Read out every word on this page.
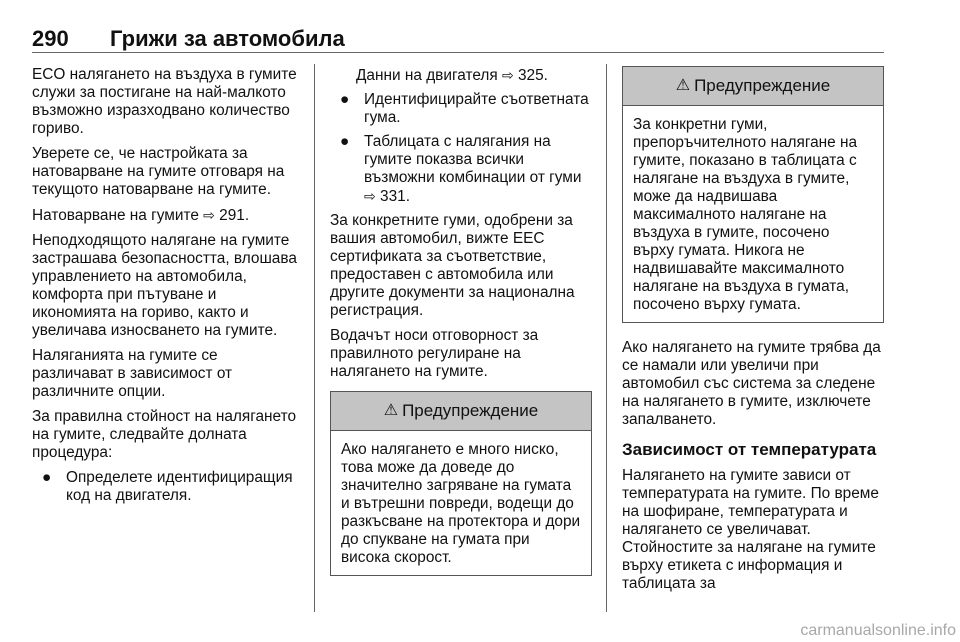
290 Грижи за автомобила

ECO налягането на въздуха в гумите служи за постигане на най-малкото възможно изразходвано количество гориво.

Уверете се, че настройката за натоварване на гумите отговаря на текущото натоварване на гумите.

Натоварване на гумите ⇨ 291.

Неподходящото налягане на гумите застрашава безопасността, влошава управлението на автомобила, комфорта при пътуване и икономията на гориво, както и увеличава износването на гумите.

Наляганията на гумите се различават в зависимост от различните опции.

За правилна стойност на налягането на гумите, следвайте долната процедура:

● Определете идентифициращия код на двигателя.
Данни на двигателя ⇨ 325.
● Идентифицирайте съответната гума.
● Таблицата с налягания на гумите показва всички възможни комбинации от гуми ⇨ 331.

За конкретните гуми, одобрени за вашия автомобил, вижте EEC сертификата за съответствие, предоставен с автомобила или другите документи за национална регистрация.

Водачът носи отговорност за правилното регулиране на налягането на гумите.

⚠ Предупреждение
Ако налягането е много ниско, това може да доведе до значително загряване на гумата и вътрешни повреди, водещи до разкъсване на протектора и дори до спукване на гумата при висока скорост.
⚠ Предупреждение
За конкретни гуми, препоръчителното налягане на гумите, показано в таблицата с налягане на въздуха в гумите, може да надвишава максималното налягане на въздуха в гумите, посочено върху гумата. Никога не надвишавайте максималното налягане на въздуха в гумата, посочено върху гумата.

Ако налягането на гумите трябва да се намали или увеличи при автомобил със система за следене на налягането в гумите, изключете запалването.

Зависимост от температурата

Налягането на гумите зависи от температурата на гумите. По време на шофиране, температурата и налягането се увеличават. Стойностите за налягане на гумите върху етикета с информация и таблицата за

carmanualsonline.info
